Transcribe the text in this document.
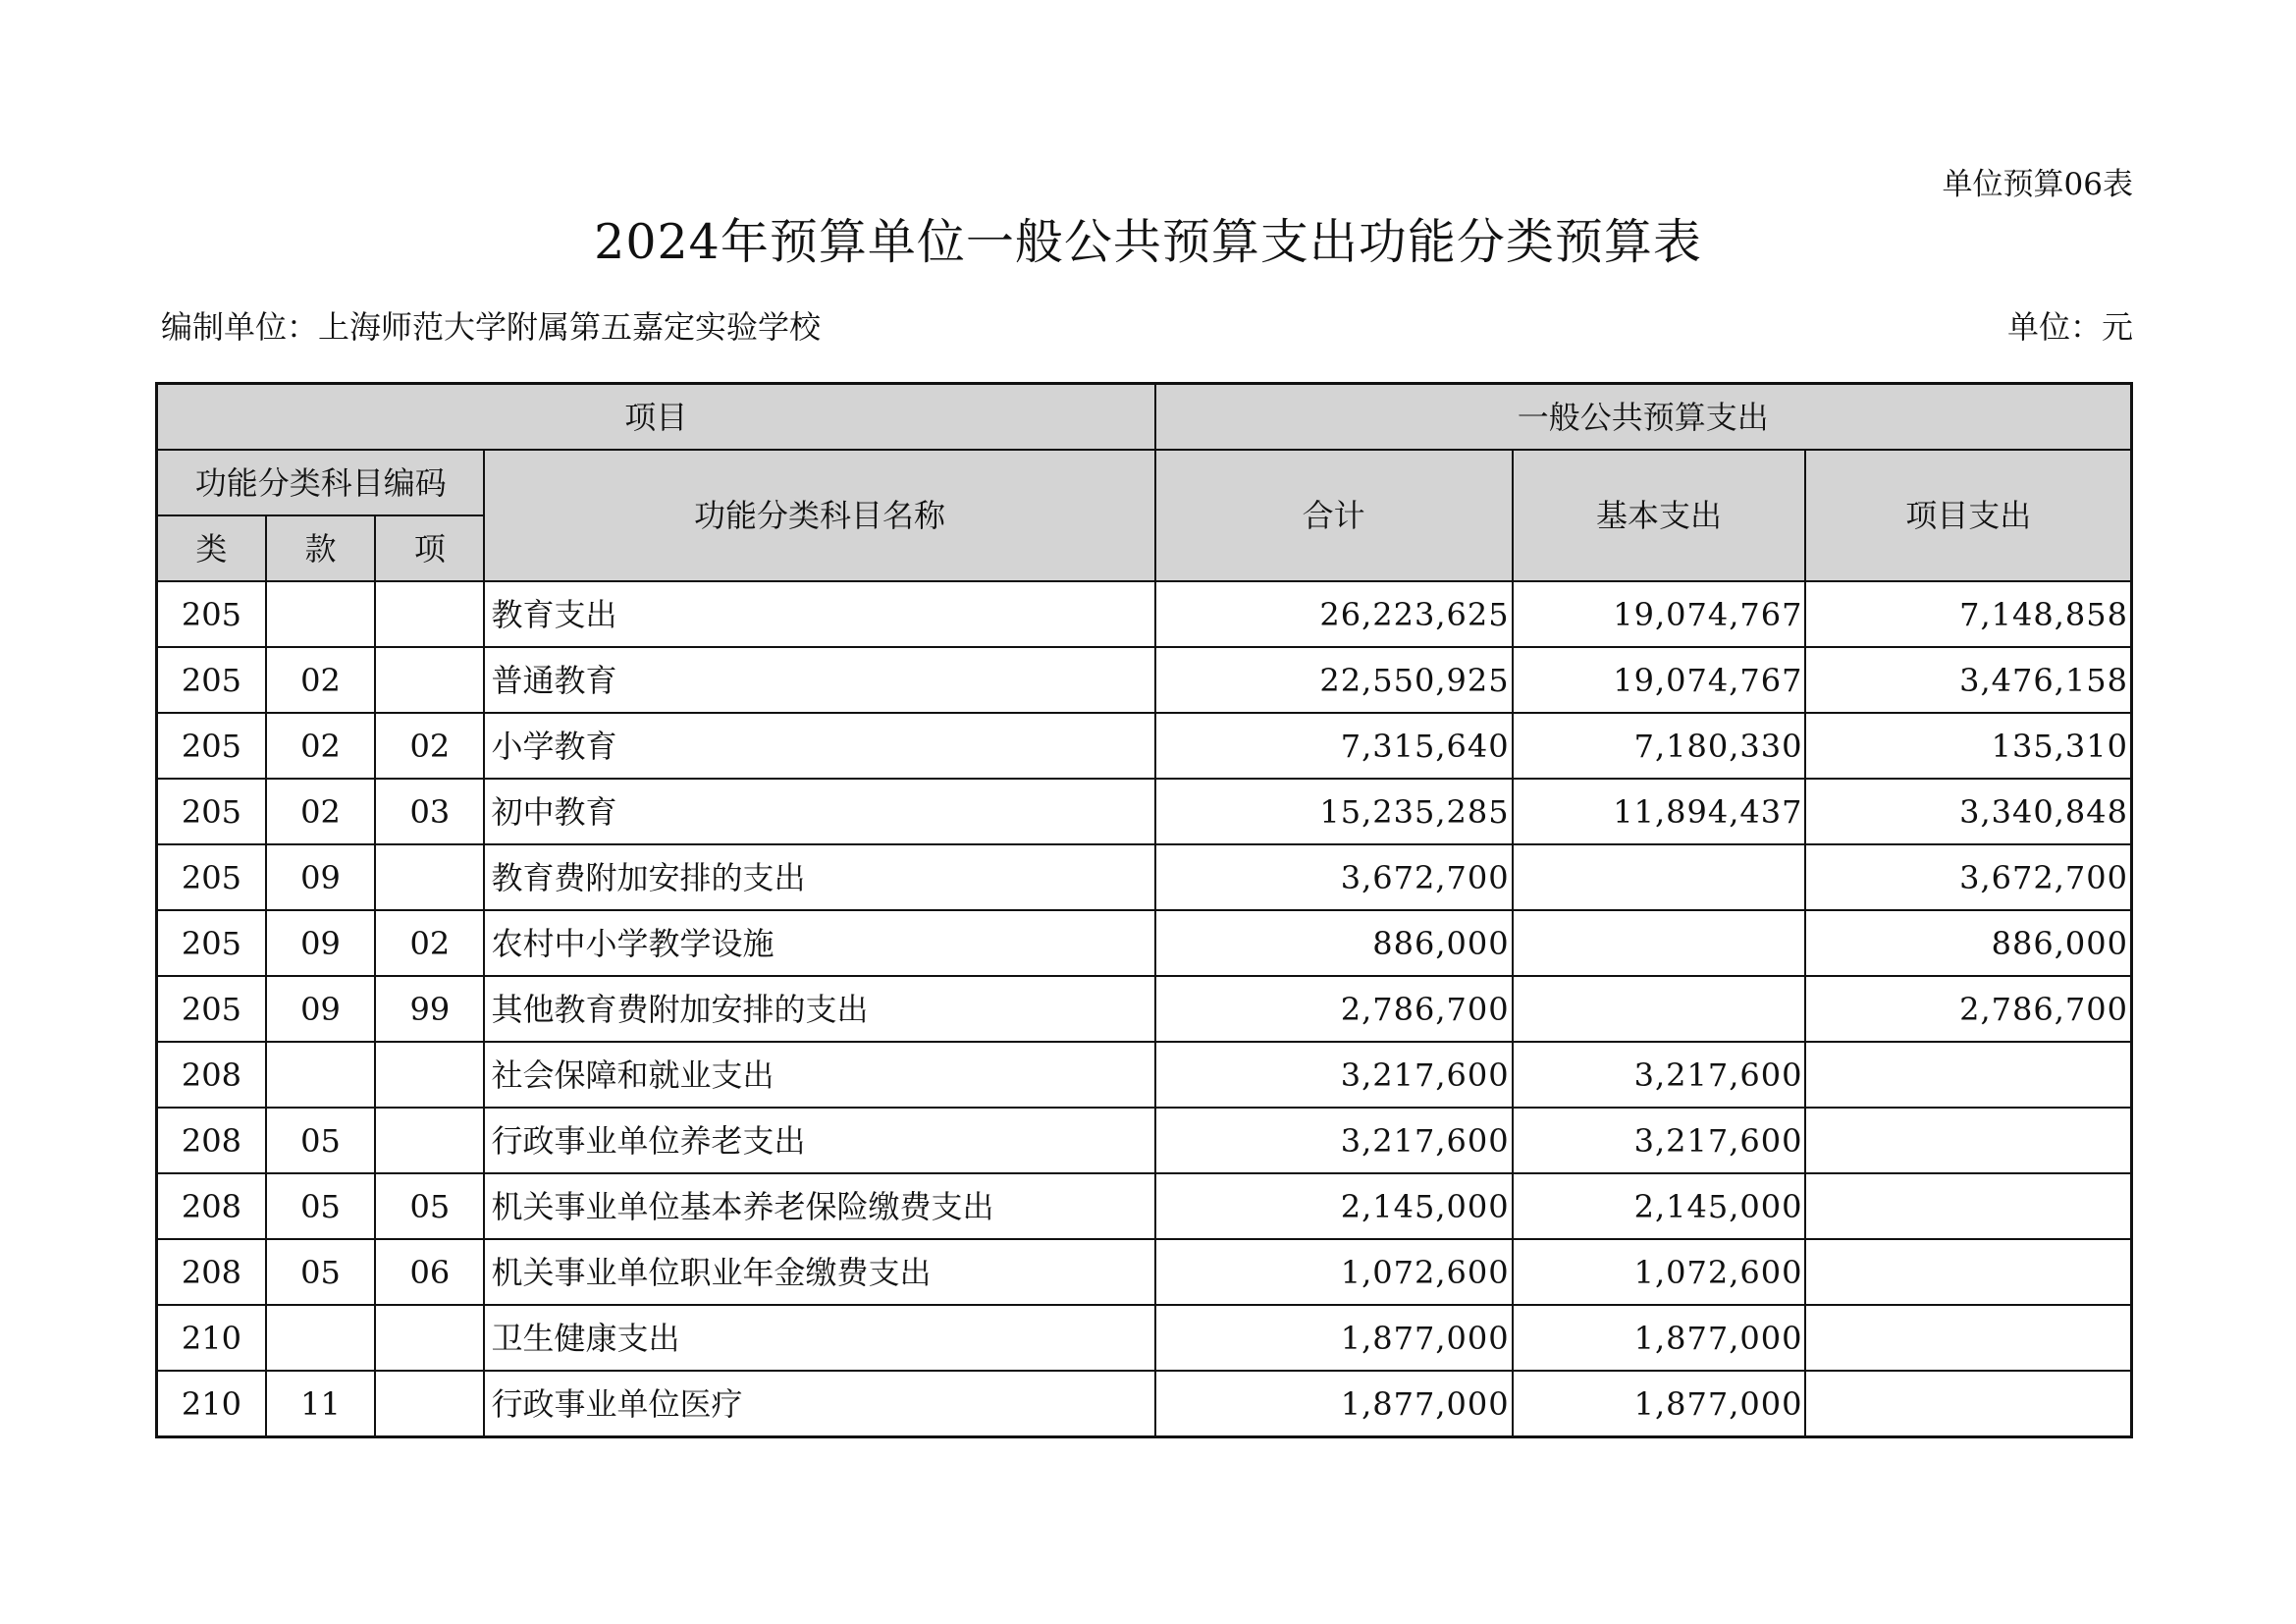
单位预算06表
2024年预算单位一般公共预算支出功能分类预算表
编制单位：上海师范大学附属第五嘉定实验学校	单位：元
项目				一般公共预算支出		
功能分类科目编码			功能分类科目名称	合计	基本支出	项目支出
类	款	项				
205			教育支出	26,223,625	19,074,767	7,148,858
205	02		普通教育	22,550,925	19,074,767	3,476,158
205	02	02	小学教育	7,315,640	7,180,330	135,310
205	02	03	初中教育	15,235,285	11,894,437	3,340,848
205	09		教育费附加安排的支出	3,672,700		3,672,700
205	09	02	农村中小学教学设施	886,000		886,000
205	09	99	其他教育费附加安排的支出	2,786,700		2,786,700
208			社会保障和就业支出	3,217,600	3,217,600	
208	05		行政事业单位养老支出	3,217,600	3,217,600	
208	05	05	机关事业单位基本养老保险缴费支出	2,145,000	2,145,000	
208	05	06	机关事业单位职业年金缴费支出	1,072,600	1,072,600	
210			卫生健康支出	1,877,000	1,877,000	
210	11		行政事业单位医疗	1,877,000	1,877,000	
